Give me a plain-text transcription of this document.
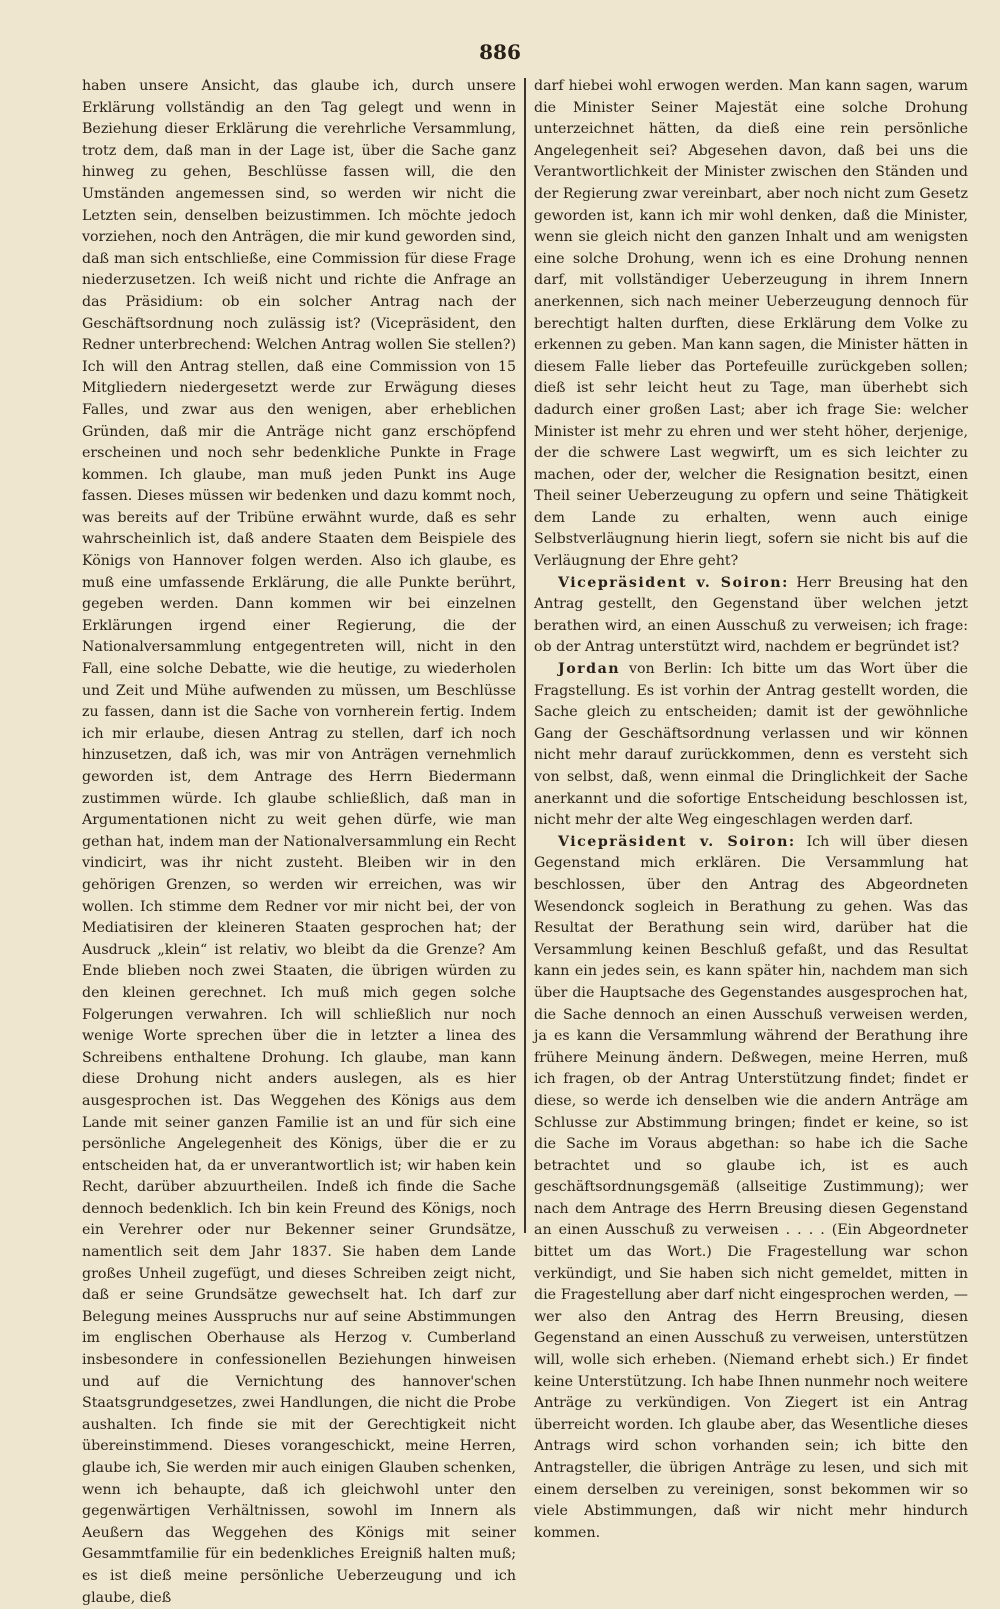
886

haben unsere Ansicht, das glaube ich, durch unsere Erklärung vollständig an den Tag gelegt und wenn in Beziehung dieser Erklärung die verehrliche Versammlung, trotz dem, daß man in der Lage ist, über die Sache ganz hinweg zu gehen, Beschlüsse fassen will, die den Umständen angemessen sind, so werden wir nicht die Letzten sein, denselben beizustimmen. Ich möchte jedoch vorziehen, noch den Anträgen, die mir kund geworden sind, daß man sich entschließe, eine Commission für diese Frage niederzusetzen. Ich weiß nicht und richte die Anfrage an das Präsidium: ob ein solcher Antrag nach der Geschäftsordnung noch zulässig ist? (Vicepräsident, den Redner unterbrechend: Welchen Antrag wollen Sie stellen?) Ich will den Antrag stellen, daß eine Commission von 15 Mitgliedern niedergesetzt werde zur Erwägung dieses Falles, und zwar aus den wenigen, aber erheblichen Gründen, daß mir die Anträge nicht ganz erschöpfend erscheinen und noch sehr bedenkliche Punkte in Frage kommen. Ich glaube, man muß jeden Punkt ins Auge fassen. Dieses müssen wir bedenken und dazu kommt noch, was bereits auf der Tribüne erwähnt wurde, daß es sehr wahrscheinlich ist, daß andere Staaten dem Beispiele des Königs von Hannover folgen werden. Also ich glaube, es muß eine umfassende Erklärung, die alle Punkte berührt, gegeben werden. Dann kommen wir bei einzelnen Erklärungen irgend einer Regierung, die der Nationalversammlung entgegentreten will, nicht in den Fall, eine solche Debatte, wie die heutige, zu wiederholen und Zeit und Mühe aufwenden zu müssen, um Beschlüsse zu fassen, dann ist die Sache von vornherein fertig. Indem ich mir erlaube, diesen Antrag zu stellen, darf ich noch hinzusetzen, daß ich, was mir von Anträgen vernehmlich geworden ist, dem Antrage des Herrn Biedermann zustimmen würde. Ich glaube schließlich, daß man in Argumentationen nicht zu weit gehen dürfe, wie man gethan hat, indem man der Nationalversammlung ein Recht vindicirt, was ihr nicht zusteht. Bleiben wir in den gehörigen Grenzen, so werden wir erreichen, was wir wollen. Ich stimme dem Redner vor mir nicht bei, der von Mediatisiren der kleineren Staaten gesprochen hat; der Ausdruck „klein“ ist relativ, wo bleibt da die Grenze? Am Ende blieben noch zwei Staaten, die übrigen würden zu den kleinen gerechnet. Ich muß mich gegen solche Folgerungen verwahren. Ich will schließlich nur noch wenige Worte sprechen über die in letzter a linea des Schreibens enthaltene Drohung. Ich glaube, man kann diese Drohung nicht anders auslegen, als es hier ausgesprochen ist. Das Weggehen des Königs aus dem Lande mit seiner ganzen Familie ist an und für sich eine persönliche Angelegenheit des Königs, über die er zu entscheiden hat, da er unverantwortlich ist; wir haben kein Recht, darüber abzuurtheilen. Indeß ich finde die Sache dennoch bedenklich. Ich bin kein Freund des Königs, noch ein Verehrer oder nur Bekenner seiner Grundsätze, namentlich seit dem Jahr 1837. Sie haben dem Lande großes Unheil zugefügt, und dieses Schreiben zeigt nicht, daß er seine Grundsätze gewechselt hat. Ich darf zur Belegung meines Ausspruchs nur auf seine Abstimmungen im englischen Oberhause als Herzog v. Cumberland insbesondere in confessionellen Beziehungen hinweisen und auf die Vernichtung des hannover'schen Staatsgrundgesetzes, zwei Handlungen, die nicht die Probe aushalten. Ich finde sie mit der Gerechtigkeit nicht übereinstimmend. Dieses vorangeschickt, meine Herren, glaube ich, Sie werden mir auch einigen Glauben schenken, wenn ich behaupte, daß ich gleichwohl unter den gegenwärtigen Verhältnissen, sowohl im Innern als Aeußern das Weggehen des Königs mit seiner Gesammtfamilie für ein bedenkliches Ereigniß halten muß; es ist dieß meine persönliche Ueberzeugung und ich glaube, dieß

darf hiebei wohl erwogen werden. Man kann sagen, warum die Minister Seiner Majestät eine solche Drohung unterzeichnet hätten, da dieß eine rein persönliche Angelegenheit sei? Abgesehen davon, daß bei uns die Verantwortlichkeit der Minister zwischen den Ständen und der Regierung zwar vereinbart, aber noch nicht zum Gesetz geworden ist, kann ich mir wohl denken, daß die Minister, wenn sie gleich nicht den ganzen Inhalt und am wenigsten eine solche Drohung, wenn ich es eine Drohung nennen darf, mit vollständiger Ueberzeugung in ihrem Innern anerkennen, sich nach meiner Ueberzeugung dennoch für berechtigt halten durften, diese Erklärung dem Volke zu erkennen zu geben. Man kann sagen, die Minister hätten in diesem Falle lieber das Portefeuille zurückgeben sollen; dieß ist sehr leicht heut zu Tage, man überhebt sich dadurch einer großen Last; aber ich frage Sie: welcher Minister ist mehr zu ehren und wer steht höher, derjenige, der die schwere Last wegwirft, um es sich leichter zu machen, oder der, welcher die Resignation besitzt, einen Theil seiner Ueberzeugung zu opfern und seine Thätigkeit dem Lande zu erhalten, wenn auch einige Selbstverläugnung hierin liegt, sofern sie nicht bis auf die Verläugnung der Ehre geht?

Vicepräsident v. Soiron: Herr Breusing hat den Antrag gestellt, den Gegenstand über welchen jetzt berathen wird, an einen Ausschuß zu verweisen; ich frage: ob der Antrag unterstützt wird, nachdem er begründet ist?

Jordan von Berlin: Ich bitte um das Wort über die Fragstellung. Es ist vorhin der Antrag gestellt worden, die Sache gleich zu entscheiden; damit ist der gewöhnliche Gang der Geschäftsordnung verlassen und wir können nicht mehr darauf zurückkommen, denn es versteht sich von selbst, daß, wenn einmal die Dringlichkeit der Sache anerkannt und die sofortige Entscheidung beschlossen ist, nicht mehr der alte Weg eingeschlagen werden darf.

Vicepräsident v. Soiron: Ich will über diesen Gegenstand mich erklären. Die Versammlung hat beschlossen, über den Antrag des Abgeordneten Wesendonck sogleich in Berathung zu gehen. Was das Resultat der Berathung sein wird, darüber hat die Versammlung keinen Beschluß gefaßt, und das Resultat kann ein jedes sein, es kann später hin, nachdem man sich über die Hauptsache des Gegenstandes ausgesprochen hat, die Sache dennoch an einen Ausschuß verweisen werden, ja es kann die Versammlung während der Berathung ihre frühere Meinung ändern. Deßwegen, meine Herren, muß ich fragen, ob der Antrag Unterstützung findet; findet er diese, so werde ich denselben wie die andern Anträge am Schlusse zur Abstimmung bringen; findet er keine, so ist die Sache im Voraus abgethan: so habe ich die Sache betrachtet und so glaube ich, ist es auch geschäftsordnungsgemäß (allseitige Zustimmung); wer nach dem Antrage des Herrn Breusing diesen Gegenstand an einen Ausschuß zu verweisen . . . . (Ein Abgeordneter bittet um das Wort.) Die Fragestellung war schon verkündigt, und Sie haben sich nicht gemeldet, mitten in die Fragestellung aber darf nicht eingesprochen werden, — wer also den Antrag des Herrn Breusing, diesen Gegenstand an einen Ausschuß zu verweisen, unterstützen will, wolle sich erheben. (Niemand erhebt sich.) Er findet keine Unterstützung. Ich habe Ihnen nunmehr noch weitere Anträge zu verkündigen. Von Ziegert ist ein Antrag überreicht worden. Ich glaube aber, das Wesentliche dieses Antrags wird schon vorhanden sein; ich bitte den Antragsteller, die übrigen Anträge zu lesen, und sich mit einem derselben zu vereinigen, sonst bekommen wir so viele Abstimmungen, daß wir nicht mehr hindurch kommen.
